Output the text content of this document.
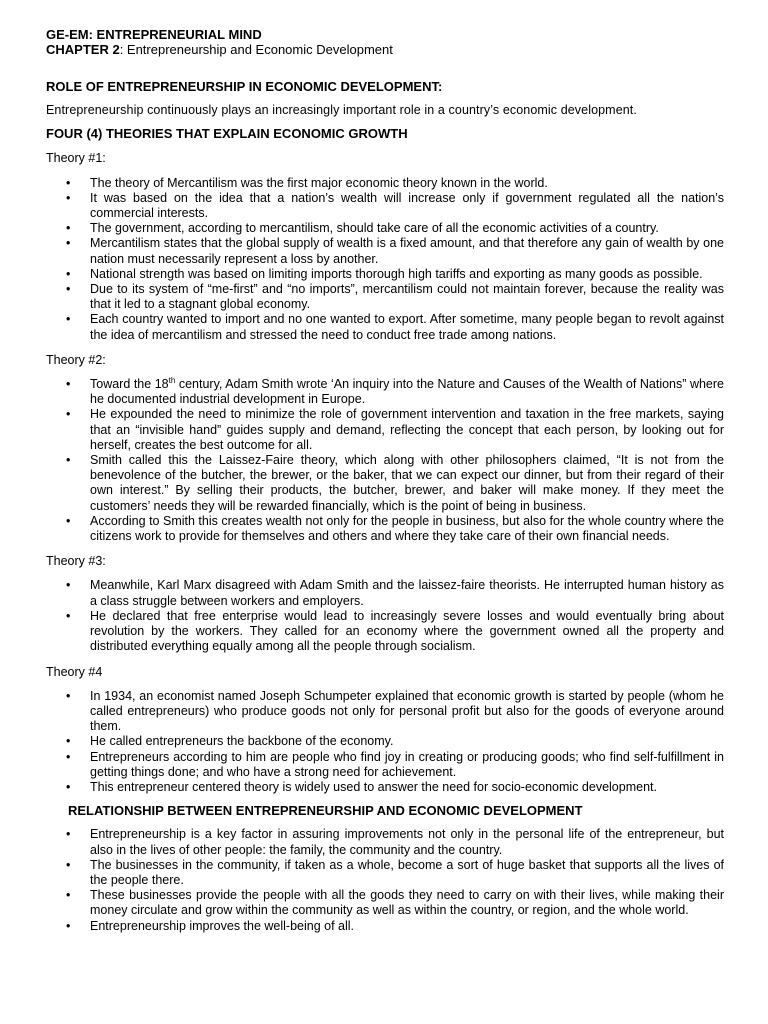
GE-EM: ENTREPRENEURIAL MIND
CHAPTER 2: Entrepreneurship and Economic Development
ROLE OF ENTREPRENEURSHIP IN ECONOMIC DEVELOPMENT:
Entrepreneurship continuously plays an increasingly important role in a country’s economic development.
FOUR (4) THEORIES THAT EXPLAIN ECONOMIC GROWTH
Theory #1:
• The theory of Mercantilism was the first major economic theory known in the world.
• It was based on the idea that a nation’s wealth will increase only if government regulated all the nation’s commercial interests.
• The government, according to mercantilism, should take care of all the economic activities of a country.
• Mercantilism states that the global supply of wealth is a fixed amount, and that therefore any gain of wealth by one nation must necessarily represent a loss by another.
• National strength was based on limiting imports thorough high tariffs and exporting as many goods as possible.
• Due to its system of “me-first” and “no imports”, mercantilism could not maintain forever, because the reality was that it led to a stagnant global economy.
• Each country wanted to import and no one wanted to export. After sometime, many people began to revolt against the idea of mercantilism and stressed the need to conduct free trade among nations.
Theory #2:
• Toward the 18th century, Adam Smith wrote ‘An inquiry into the Nature and Causes of the Wealth of Nations” where he documented industrial development in Europe.
• He expounded the need to minimize the role of government intervention and taxation in the free markets, saying that an “invisible hand” guides supply and demand, reflecting the concept that each person, by looking out for herself, creates the best outcome for all.
• Smith called this the Laissez-Faire theory, which along with other philosophers claimed, “It is not from the benevolence of the butcher, the brewer, or the baker, that we can expect our dinner, but from their regard of their own interest.” By selling their products, the butcher, brewer, and baker will make money. If they meet the customers’ needs they will be rewarded financially, which is the point of being in business.
• According to Smith this creates wealth not only for the people in business, but also for the whole country where the citizens work to provide for themselves and others and where they take care of their own financial needs.
Theory #3:
• Meanwhile, Karl Marx disagreed with Adam Smith and the laissez-faire theorists. He interrupted human history as a class struggle between workers and employers.
• He declared that free enterprise would lead to increasingly severe losses and would eventually bring about revolution by the workers. They called for an economy where the government owned all the property and distributed everything equally among all the people through socialism.
Theory #4
• In 1934, an economist named Joseph Schumpeter explained that economic growth is started by people (whom he called entrepreneurs) who produce goods not only for personal profit but also for the goods of everyone around them.
• He called entrepreneurs the backbone of the economy.
• Entrepreneurs according to him are people who find joy in creating or producing goods; who find self-fulfillment in getting things done; and who have a strong need for achievement.
• This entrepreneur centered theory is widely used to answer the need for socio-economic development.
RELATIONSHIP BETWEEN ENTREPRENEURSHIP AND ECONOMIC DEVELOPMENT
• Entrepreneurship is a key factor in assuring improvements not only in the personal life of the entrepreneur, but also in the lives of other people: the family, the community and the country.
• The businesses in the community, if taken as a whole, become a sort of huge basket that supports all the lives of the people there.
• These businesses provide the people with all the goods they need to carry on with their lives, while making their money circulate and grow within the community as well as within the country, or region, and the whole world.
• Entrepreneurship improves the well-being of all.
